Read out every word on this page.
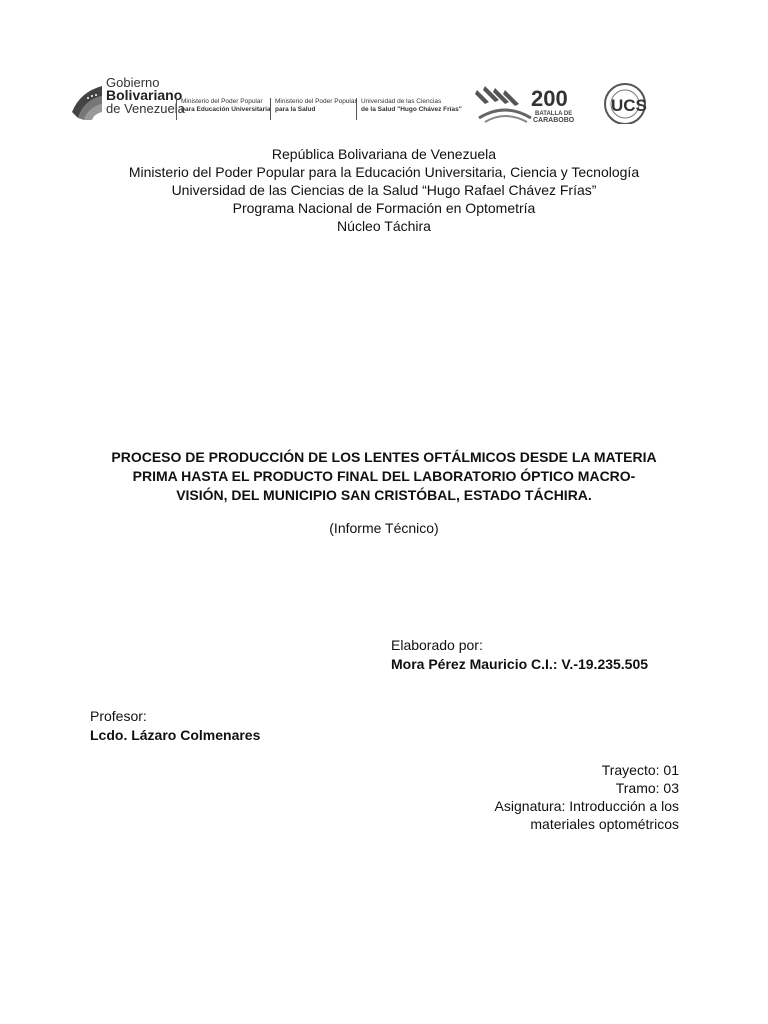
Gobierno
Bolivariano
de Venezuela
Ministerio del Poder Popular
para Educación Universitaria
Ministerio del Poder Popular
para la Salud
Universidad de las Ciencias
de la Salud "Hugo Chávez Frías"	200
BATALLA DE
CARABOBO
UCS
República Bolivariana de Venezuela
Ministerio del Poder Popular para la Educación Universitaria, Ciencia y Tecnología
Universidad de las Ciencias de la Salud “Hugo Rafael Chávez Frías”
Programa Nacional de Formación en Optometría
Núcleo Táchira
PROCESO DE PRODUCCIÓN DE LOS LENTES OFTÁLMICOS DESDE LA MATERIA
PRIMA HASTA EL PRODUCTO FINAL DEL LABORATORIO ÓPTICO MACRO-
VISIÓN, DEL MUNICIPIO SAN CRISTÓBAL, ESTADO TÁCHIRA.
(Informe Técnico)
Elaborado por:
Mora Pérez Mauricio C.I.: V.-19.235.505
Profesor:
Lcdo. Lázaro Colmenares
Trayecto: 01
Tramo: 03
Asignatura: Introducción a los
materiales optométricos
